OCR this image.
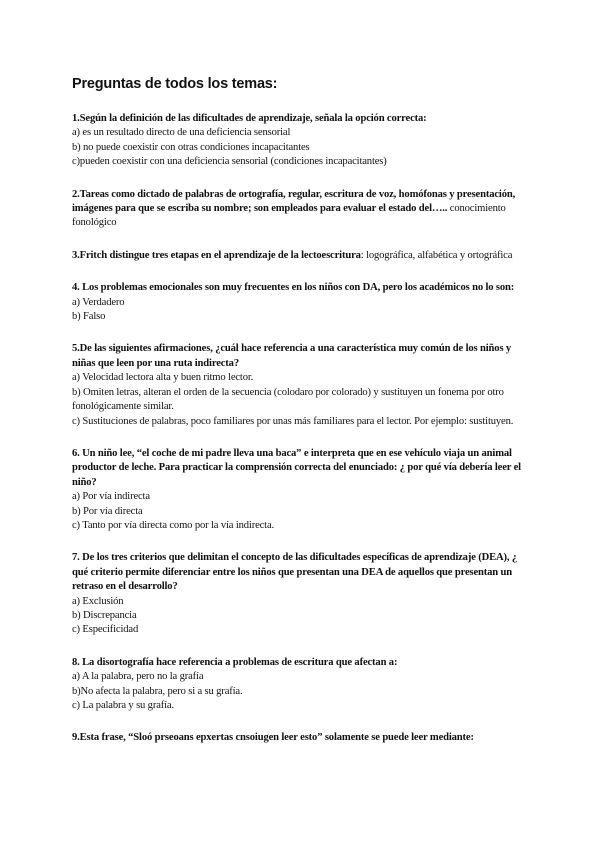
Preguntas de todos los temas:

1.Según la definición de las dificultades de aprendizaje, señala la opción correcta:

a) es un resultado directo de una deficiencia sensorial

b) no puede coexistir con otras condiciones incapacitantes

c)pueden coexistir con una deficiencia sensorial (condiciones incapacitantes)

2.Tareas como dictado de palabras de ortografía, regular, escritura de voz, homófonas y presentación, imágenes para que se escriba su nombre; son empleados para evaluar el estado del….. conocimiento fonológico

3.Fritch distingue tres etapas en el aprendizaje de la lectoescritura: logográfica, alfabética y ortográfica

4. Los problemas emocionales son muy frecuentes en los niños con DA, pero los académicos no lo son:

a) Verdadero

b) Falso

5.De las siguientes afirmaciones, ¿cuál hace referencia a una característica muy común de los niños y niñas que leen por una ruta indirecta?

a) Velocidad lectora alta y buen ritmo lector.

b) Omiten letras, alteran el orden de la secuencia (colodaro por colorado) y sustituyen un fonema por otro fonológicamente similar.

c) Sustituciones de palabras, poco familiares por unas más familiares para el lector. Por ejemplo: sustituyen.

6. Un niño lee, “el coche de mi padre lleva una baca” e interpreta que en ese vehículo viaja un animal productor de leche. Para practicar la comprensión correcta del enunciado: ¿ por qué vía debería leer el niño?

a) Por vía indirecta

b) Por vía directa

c) Tanto por vía directa como por la vía indirecta.

7. De los tres criterios que delimitan el concepto de las dificultades específicas de aprendizaje (DEA), ¿ qué criterio permite diferenciar entre los niños que presentan una DEA de aquellos que presentan un retraso en el desarrollo?

a) Exclusión

b) Discrepancia

c) Especificidad

8. La disortografía hace referencia a problemas de escritura que afectan a:

a) A la palabra, pero no la grafía

b)No afecta la palabra, pero si a su grafía.

c) La palabra y su grafía.

9.Esta frase, “Sloó prseoans epxertas cnsoiugen leer esto” solamente se puede leer mediante:
